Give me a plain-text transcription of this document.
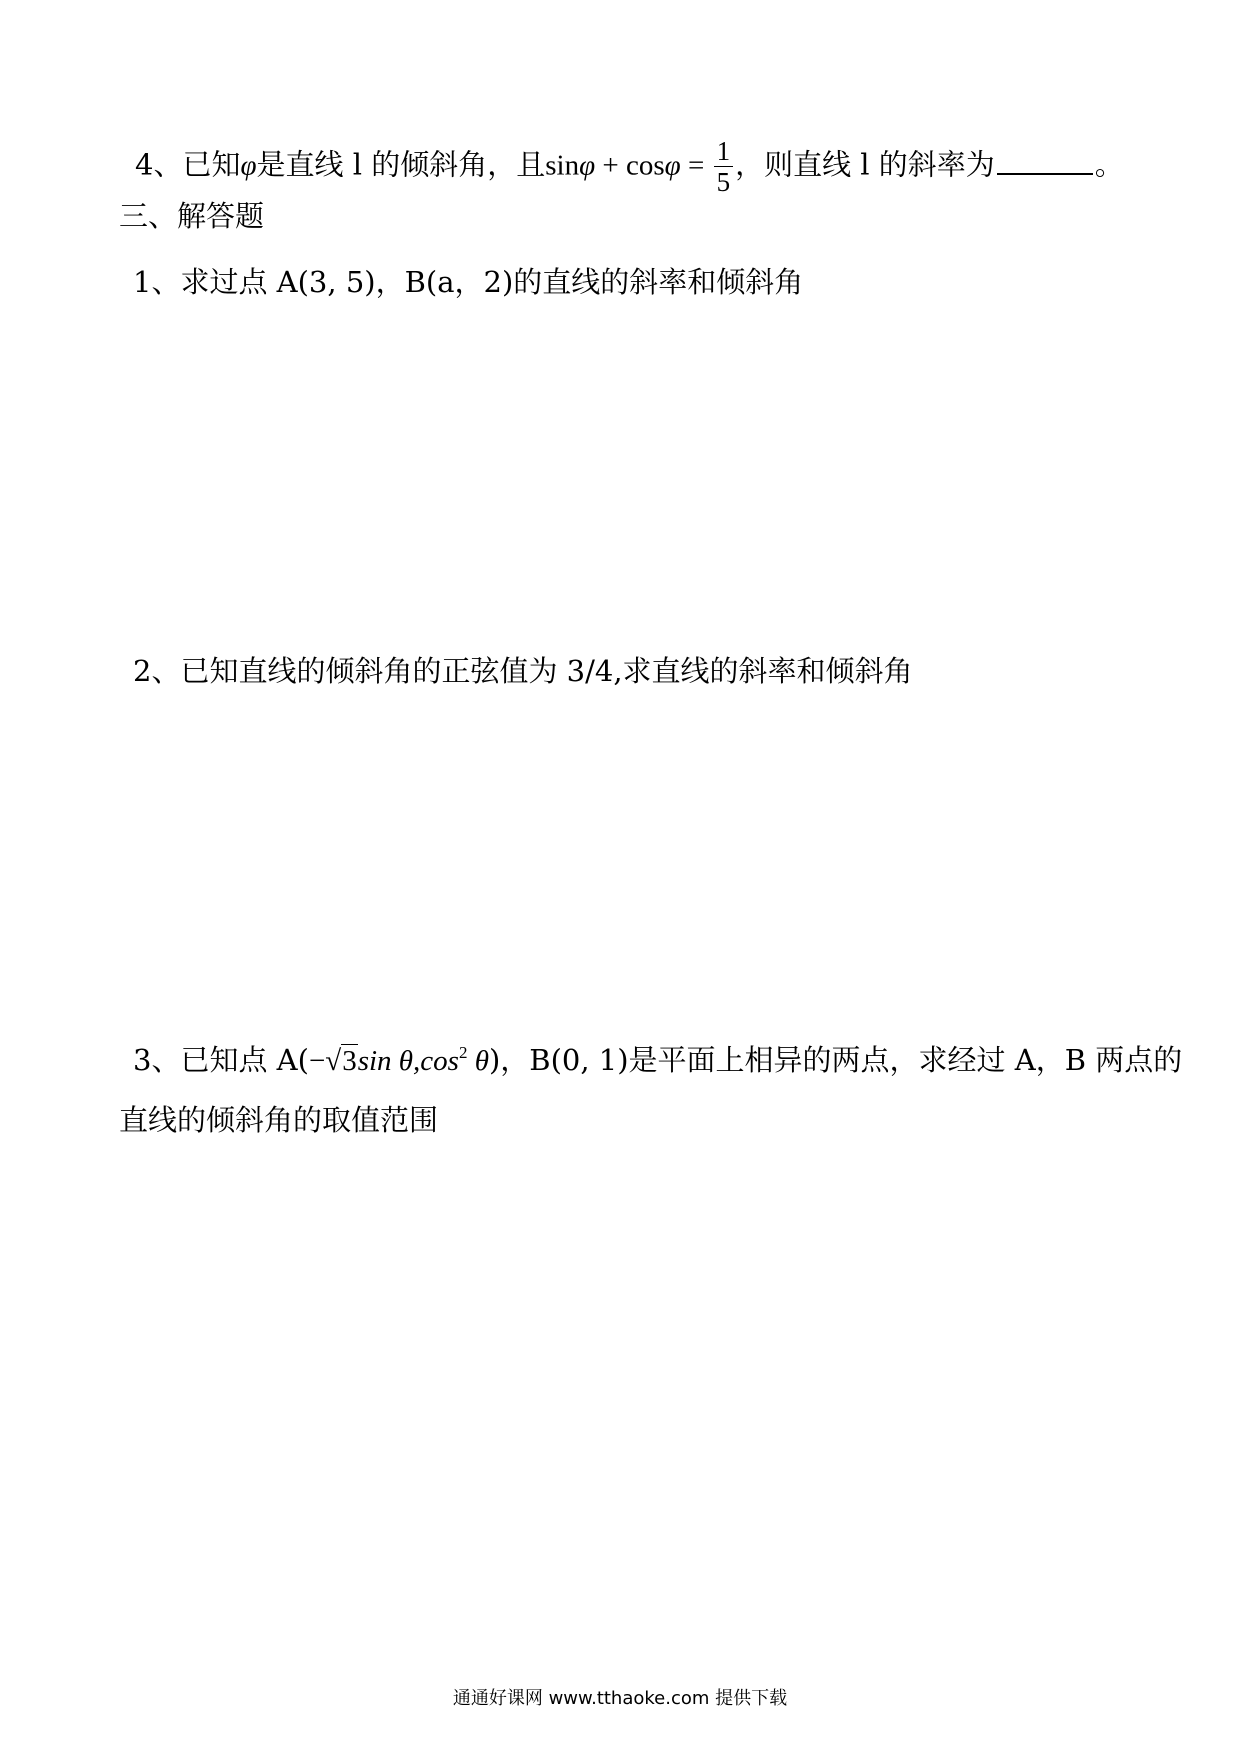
4、已知φ是直线 l 的倾斜角，且$\sin\varphi + \cos\varphi = \frac{1}{5}$ ，则直线 l 的斜率为	。
三、解答题
1、求过点 A(3, 5)，B(a，2)的直线的斜率和倾斜角
2、已知直线的倾斜角的正弦值为 3/4,求直线的斜率和倾斜角
3、已知点 A(−√3sin $\theta,\cos^2$ θ)，B(0, 1)是平面上相异的两点，求经过 A，B 两点的
直线的倾斜角的取值范围
通通好课网 www.tthaoke.com 提供下载
